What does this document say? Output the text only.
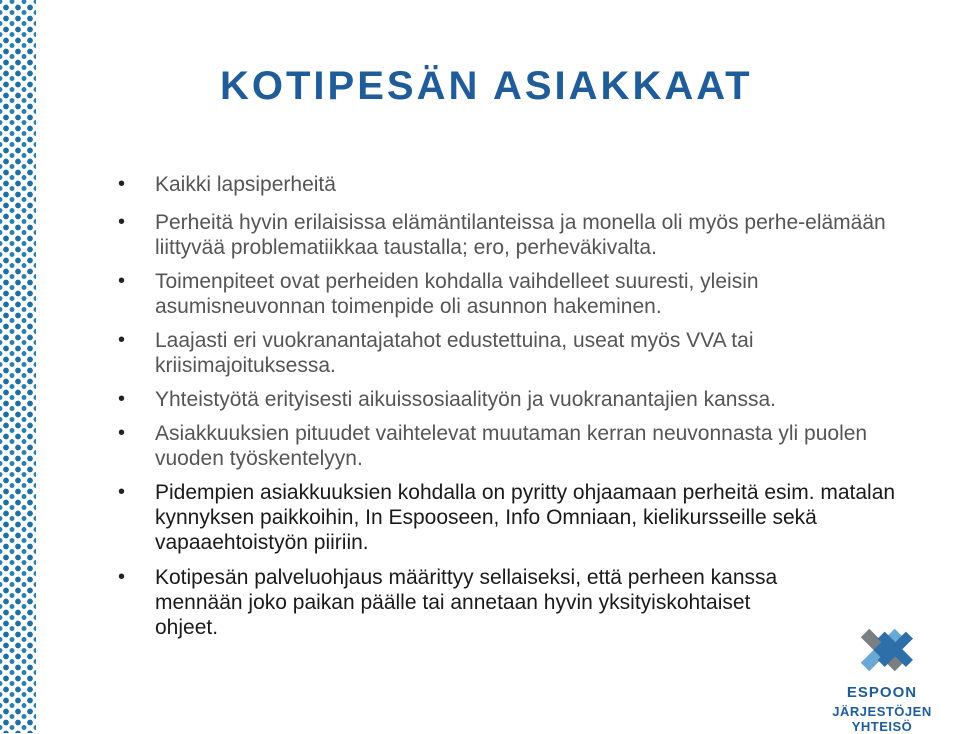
KOTIPESÄN ASIAKKAAT
• Kaikki lapsiperheitä
• Perheitä hyvin erilaisissa elämäntilanteissa ja monella oli myös perhe-elämään liittyvää problematiikkaa taustalla; ero, perheväkivalta.
• Toimenpiteet ovat perheiden kohdalla vaihdelleet suuresti, yleisin asumisneuvonnan toimenpide oli asunnon hakeminen.
• Laajasti eri vuokranantajatahot edustettuina, useat myös VVA tai kriisimajoituksessa.
• Yhteistyötä erityisesti aikuissosiaalityön ja vuokranantajien kanssa.
• Asiakkuuksien pituudet vaihtelevat muutaman kerran neuvonnasta yli puolen vuoden työskentelyyn.
• Pidempien asiakkuuksien kohdalla on pyritty ohjaamaan perheitä esim. matalan kynnyksen paikkoihin, In Espooseen, Info Omniaan, kielikursseille sekä vapaaehtoistyön piiriin.
• Kotipesän palveluohjaus määrittyy sellaiseksi, että perheen kanssa mennään joko paikan päälle tai annetaan hyvin yksityiskohtaiset ohjeet.
ESPOON
JÄRJESTÖJEN YHTEISÖ
